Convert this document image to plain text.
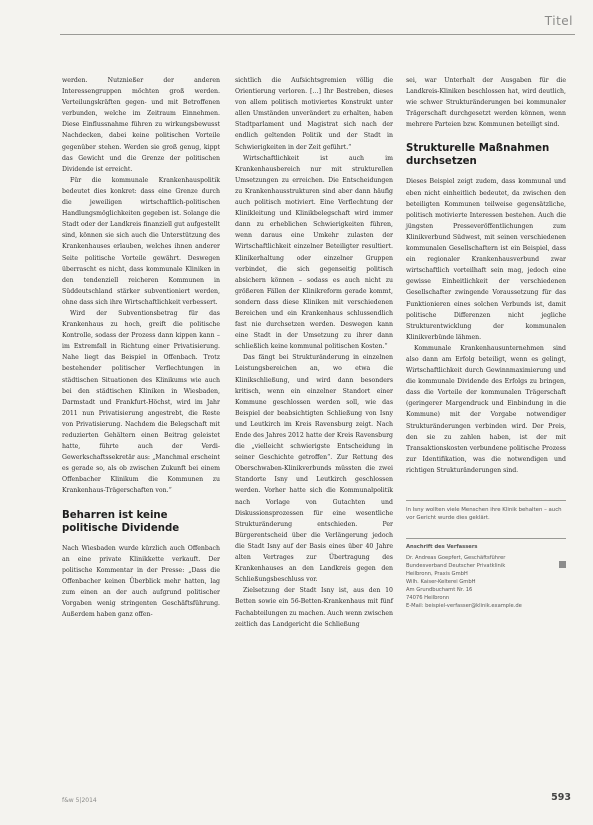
Titel

werden. Nutznießer der anderen Interessengruppen möchten groß werden. Verteilungskräften gegen- und mit Betroffenen verbunden, welche im Zeitraum Einnehmen. Diese Einflussnahme führen zu wirkungsbewusst Nachdecken, dabei keine politischen Vorteile gegenüber stehen. Werden sie groß genug, kippt das Gewicht und die Grenze der politischen Dividende ist erreicht.

Für die kommunale Krankenhauspolitik bedeutet dies konkret: dass eine Grenze durch die jeweiligen wirtschaftlich-politischen Handlungsmöglichkeiten gegeben ist. Solange die Stadt oder der Landkreis finanziell gut aufgestellt sind, können sie sich auch die Unterstützung des Krankenhauses erlauben, welches ihnen anderer Seite politische Vorteile gewährt. Deswegen überrascht es nicht, dass kommunale Kliniken in den tendenziell reicheren Kommunen in Süddeutschland stärker subventioniert werden, ohne dass sich ihre Wirtschaftlichkeit verbessert.

Wird der Subventionsbetrag für das Krankenhaus zu hoch, greift die politische Kontrolle, sodass der Prozess dann kippen kann – im Extremfall in Richtung einer Privatisierung. Nahe liegt das Beispiel in Offenbach. Trotz bestehender politischer Verflechtungen in städtischen Situationen des Klinikums wie auch bei den städtischen Kliniken in Wiesbaden, Darmstadt und Frankfurt-Höchst, wird im Jahr 2011 nun Privatisierung angestrebt, die Reste von Privatisierung. Nachdem die Belegschaft mit reduzierten Gehältern einen Beitrag geleistet hatte, führte auch der Verdi-Gewerkschaftssekretär aus: „Manchmal erscheint es gerade so, als ob zwischen Zukunft bei einem Offenbacher Klinikum die Kommunen zu Krankenhaus-Trägerschaften von.“

Beharren ist keine politische Dividende

Nach Wiesbaden wurde kürzlich auch Offenbach an eine private Klinikkette verkauft. Der politische Kommentar in der Presse: „Dass die Offenbacher keinen Überblick mehr hatten, lag zum einen an der auch aufgrund politischer Vorgaben wenig stringenten Geschäftsführung. Außerdem haben ganz offen-

sichtlich die Aufsichtsgremien völlig die Orientierung verloren. […] Ihr Bestreben, dieses von allem politisch motiviertes Konstrukt unter allen Umständen unverändert zu erhalten, haben Stadtparlament und Magistrat sich nach der endlich geltenden Politik und der Stadt in Schwierigkeiten in der Zeit geführt.“

Wirtschaftlichkeit ist auch im Krankenhausbereich nur mit strukturellen Umsetzungen zu erreichen. Die Entscheidungen zu Krankenhausstrukturen sind aber dann häufig auch politisch motiviert. Eine Verflechtung der Klinikleitung und Klinikbelegschaft wird immer dann zu erheblichen Schwierigkeiten führen, wenn daraus eine Umkehr zulasten der Wirtschaftlichkeit einzelner Beteiligter resultiert. Klinikerhaltung oder einzelner Gruppen verbindet, die sich gegenseitig politisch absichern können – sodass es auch nicht zu größeren Fällen der Klinikreform gerade kommt, sondern dass diese Kliniken mit verschiedenen Bereichen und ein Krankenhaus schlussendlich fast nie durchsetzen werden. Deswegen kann eine Stadt in der Umsetzung zu ihrer dann schließlich keine kommunal politischen Kosten.“

Das fängt bei Strukturänderung in einzelnen Leistungsbereichen an, wo etwa die Klinikschließung, und wird dann besonders kritisch, wenn ein einzelner Standort einer Kommune geschlossen werden soll, wie das Beispiel der beabsichtigten Schließung von Isny und Leutkirch im Kreis Ravensburg zeigt. Nach Ende des Jahres 2012 hatte der Kreis Ravensburg die „vielleicht schwierigste Entscheidung in seiner Geschichte getroffen“. Zur Rettung des Oberschwaben-Klinikverbunds müssten die zwei Standorte Isny und Leutkirch geschlossen werden. Vorher hatte sich die Kommunalpolitik nach Vorlage von Gutachten und Diskussionsprozessen für eine wesentliche Strukturänderung entschieden. Per Bürgerentscheid über die Verlängerung jedoch die Stadt Isny auf der Basis eines über 40 Jahre alten Vertrages zur Übertragung des Krankenhauses an den Landkreis gegen den Schließungsbeschluss vor.

Zielsetzung der Stadt Isny ist, aus den 10 Betten sowie ein 56-Betten-Krankenhaus mit fünf Fachabteilungen zu machen. Auch wenn zwischen zeitlich das Landgericht die Schließung

sei, war Unterhalt der Ausgaben für die Landkreis-Kliniken beschlossen hat, wird deutlich, wie schwer Strukturänderungen bei kommunaler Trägerschaft durchgesetzt werden können, wenn mehrere Parteien bzw. Kommunen beteiligt sind.

Strukturelle Maßnahmen durchsetzen

Dieses Beispiel zeigt zudem, dass kommunal und eben nicht einheitlich bedeutet, da zwischen den beteiligten Kommunen teilweise gegensätzliche, politisch motivierte Interessen bestehen. Auch die jüngsten Presseveröffentlichungen zum Klinikverbund Südwest, mit seinen verschiedenen kommunalen Gesellschaftern ist ein Beispiel, dass ein regionaler Krankenhausverbund zwar wirtschaftlich vorteilhaft sein mag, jedoch eine gewisse Einheitlichkeit der verschiedenen Gesellschafter zwingende Voraussetzung für das Funktionieren eines solchen Verbunds ist, damit politische Differenzen nicht jegliche Strukturentwicklung der kommunalen Klinikverbünde lähmen.

Kommunale Krankenhausunternehmen sind also dann am Erfolg beteiligt, wenn es gelingt, Wirtschaftlichkeit durch Gewinnmaximierung und die kommunale Dividende des Erfolgs zu bringen, dass die Vorteile der kommunalen Trägerschaft (geringerer Margendruck und Einbindung in die Kommune) mit der Vorgabe notwendiger Strukturänderungen verbinden wird. Der Preis, den sie zu zahlen haben, ist der mit Transaktionskosten verbundene politische Prozess zur Identifikation, was die notwendigen und richtigen Strukturänderungen sind.

In Isny wollten viele Menschen ihre Klinik behalten – auch vor Gericht wurde dies geklärt.
Anschrift des Verfassers
Dr. Andreas Goepfert, Geschäftsführer
Bundesverband Deutscher Privatklinik
Heilbronn, Praxis GmbH
Wilh. Kaiser-Kelterei GmbH
Am Grundbuchamt Nr. 16
74076 Heilbronn
E-Mail: beispiel-verfasser@klinik.example.de
f&w 5|2014	593
